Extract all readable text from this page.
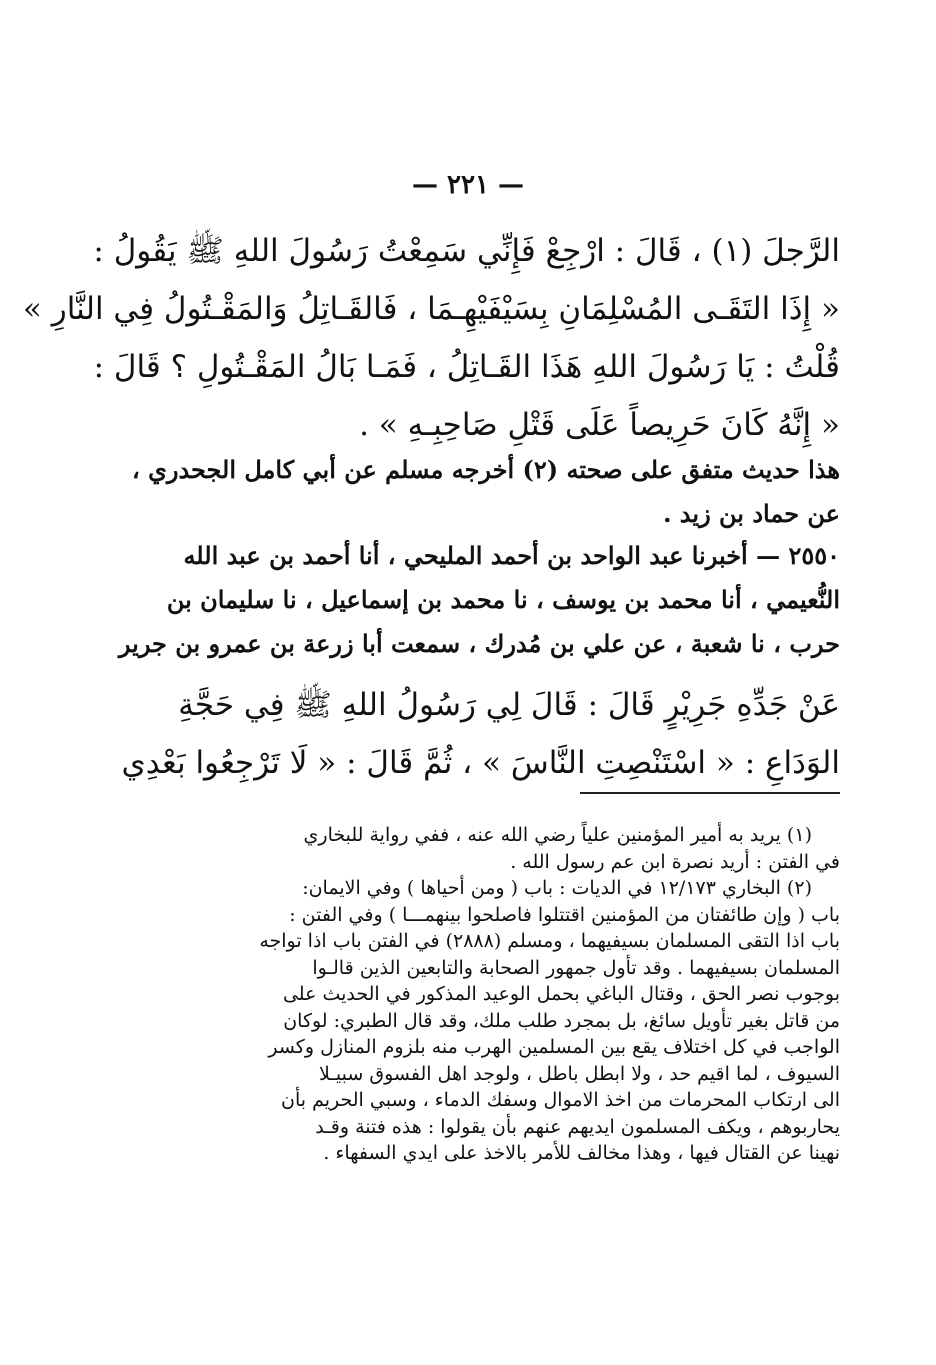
— ٢٢١ —
الرَّجلَ (١) ، قَالَ : ارْجِعْ فَإِنِّي سَمِعْتُ رَسُولَ اللهِ ﷺ يَقُولُ :
« إِذَا التَقَـى المُسْلِمَانِ بِسَيْفَيْهِـمَا ، فَالقَـاتِلُ وَالمَقْـتُولُ فِي النَّارِ »
قُلْتُ : يَا رَسُولَ اللهِ هَذَا القَـاتِلُ ، فَمَـا بَالُ المَقْـتُولِ ؟ قَالَ :
« إِنَّهُ كَانَ حَرِيصاً عَلَى قَتْلِ صَاحِبِـهِ » .
هذا حديث متفق على صحته (٢) أخرجه مسلم عن أبي كامل الجحدري ،
عن حماد بن زيد .
٢٥٥٠ — أخبرنا عبد الواحد بن أحمد المليحي ، أنا أحمد بن عبد الله
النُّعيمي ، أنا محمد بن يوسف ، نا محمد بن إسماعيل ، نا سليمان بن
حرب ، نا شعبة ، عن علي بن مُدرك ، سمعت أبا زرعة بن عمرو بن جرير
عَنْ جَدِّهِ جَرِيْرٍ قَالَ : قَالَ لِي رَسُولُ اللهِ ﷺ فِي حَجَّةِ
الوَدَاعِ : « اسْتَنْصِتِ النَّاسَ » ، ثُمَّ قَالَ : « لَا تَرْجِعُوا بَعْدِي
(١) يريد به أمير المؤمنين علياً رضي الله عنه ، ففي رواية للبخاري
في الفتن : أريد نصرة ابن عم رسول الله .
(٢) البخاري ١٢/١٧٣ في الديات : باب ( ومن أحياها ) وفي الايمان:
باب ( وإن طائفتان من المؤمنين اقتتلوا فاصلحوا بينهمـــا ) وفي الفتن :
باب اذا التقى المسلمان بسيفيهما ، ومسلم (٢٨٨٨) في الفتن باب اذا تواجه
المسلمان بسيفيهما . وقد تأول جمهور الصحابة والتابعين الذين قالـوا
بوجوب نصر الحق ، وقتال الباغي بحمل الوعيد المذكور في الحديث على
من قاتل بغير تأويل سائغ، بل بمجرد طلب ملك، وقد قال الطبري: لوكان
الواجب في كل اختلاف يقع بين المسلمين الهرب منه بلزوم المنازل وكسر
السيوف ، لما اقيم حد ، ولا ابطل باطل ، ولوجد اهل الفسوق سبيـلا
الى ارتكاب المحرمات من اخذ الاموال وسفك الدماء ، وسبي الحريم بأن
يحاربوهم ، ويكف المسلمون ايديهم عنهم بأن يقولوا : هذه فتنة وقـد
نهينا عن القتال فيها ، وهذا مخالف للأمر بالاخذ على ايدي السفهاء .
